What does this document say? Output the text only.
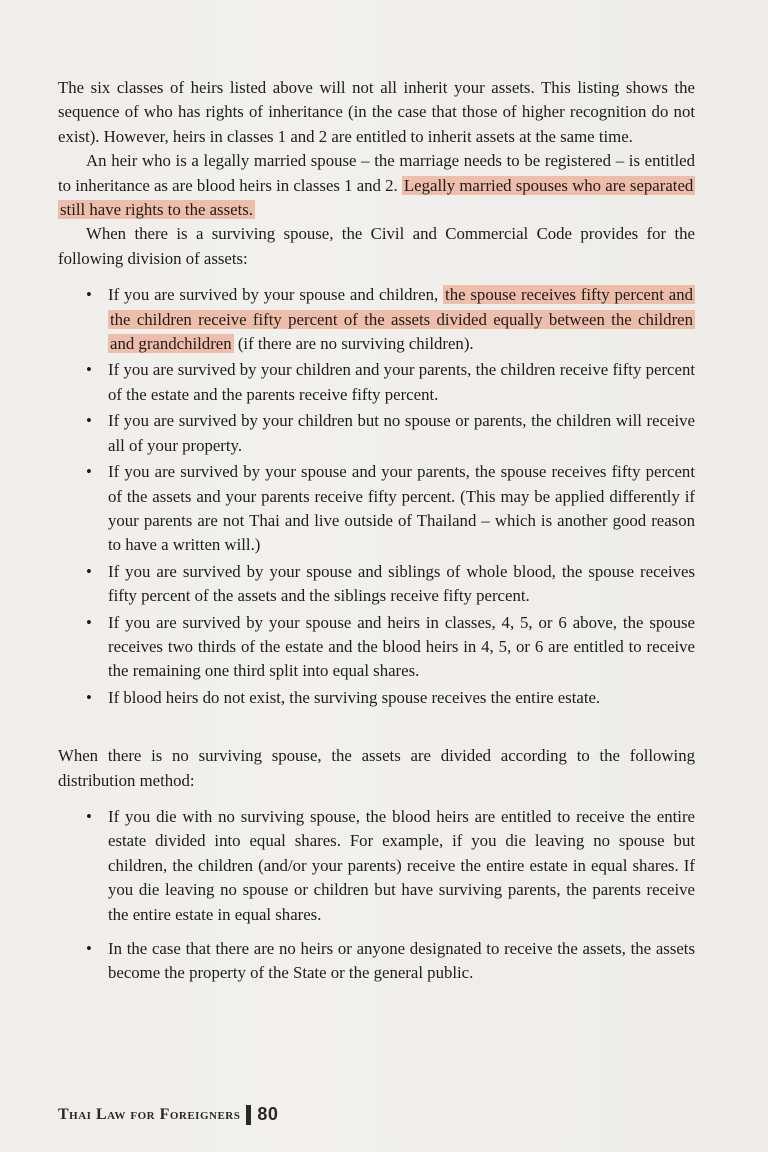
The six classes of heirs listed above will not all inherit your assets. This listing shows the sequence of who has rights of inheritance (in the case that those of higher recognition do not exist). However, heirs in classes 1 and 2 are entitled to inherit assets at the same time.

An heir who is a legally married spouse – the marriage needs to be registered – is entitled to inheritance as are blood heirs in classes 1 and 2. Legally married spouses who are separated still have rights to the assets.

When there is a surviving spouse, the Civil and Commercial Code provides for the following division of assets:

• If you are survived by your spouse and children, the spouse receives fifty percent and the children receive fifty percent of the assets divided equally between the children and grandchildren (if there are no surviving children).
• If you are survived by your children and your parents, the children receive fifty percent of the estate and the parents receive fifty percent.
• If you are survived by your children but no spouse or parents, the children will receive all of your property.
• If you are survived by your spouse and your parents, the spouse receives fifty percent of the assets and your parents receive fifty percent. (This may be applied differently if your parents are not Thai and live outside of Thailand – which is another good reason to have a written will.)
• If you are survived by your spouse and siblings of whole blood, the spouse receives fifty percent of the assets and the siblings receive fifty percent.
• If you are survived by your spouse and heirs in classes, 4, 5, or 6 above, the spouse receives two thirds of the estate and the blood heirs in 4, 5, or 6 are entitled to receive the remaining one third split into equal shares.
• If blood heirs do not exist, the surviving spouse receives the entire estate.

When there is no surviving spouse, the assets are divided according to the following distribution method:

• If you die with no surviving spouse, the blood heirs are entitled to receive the entire estate divided into equal shares. For example, if you die leaving no spouse but children, the children (and/or your parents) receive the entire estate in equal shares. If you die leaving no spouse or children but have surviving parents, the parents receive the entire estate in equal shares.
• In the case that there are no heirs or anyone designated to receive the assets, the assets become the property of the State or the general public.
Thai Law for Foreigners 80
